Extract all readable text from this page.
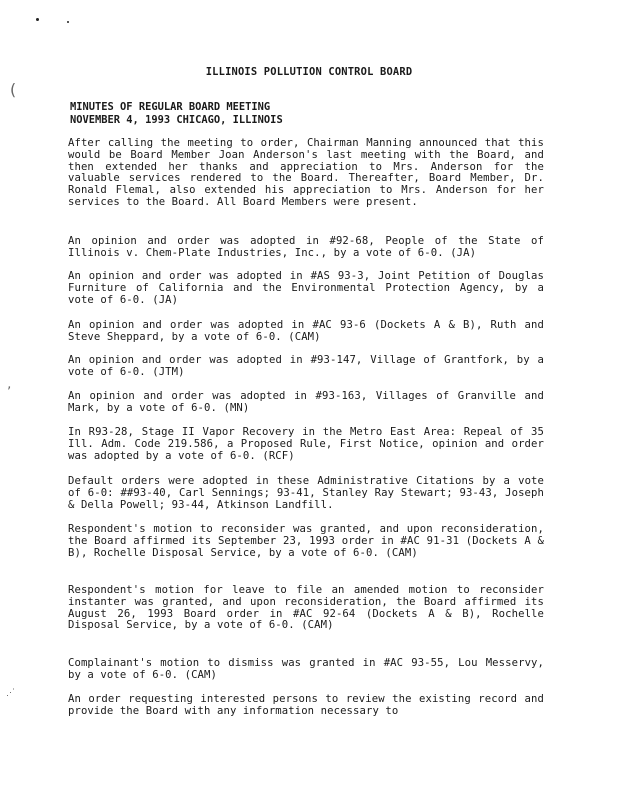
(
,
⋰
ILLINOIS POLLUTION CONTROL BOARD
MINUTES OF REGULAR BOARD MEETING
NOVEMBER 4, 1993 CHICAGO, ILLINOIS
After calling the meeting to order, Chairman Manning announced that this would be Board Member Joan Anderson's last meeting with the Board, and then extended her thanks and appreciation to Mrs. Anderson for the valuable services rendered to the Board. Thereafter, Board Member, Dr. Ronald Flemal, also extended his appreciation to Mrs. Anderson for her services to the Board. All Board Members were present.
An opinion and order was adopted in #92-68, People of the State of Illinois v. Chem-Plate Industries, Inc., by a vote of 6-0. (JA)
An opinion and order was adopted in #AS 93-3, Joint Petition of Douglas Furniture of California and the Environmental Protection Agency, by a vote of 6-0. (JA)
An opinion and order was adopted in #AC 93-6 (Dockets A & B), Ruth and Steve Sheppard, by a vote of 6-0. (CAM)
An opinion and order was adopted in #93-147, Village of Grantfork, by a vote of 6-0. (JTM)
An opinion and order was adopted in #93-163, Villages of Granville and Mark, by a vote of 6-0. (MN)
In R93-28, Stage II Vapor Recovery in the Metro East Area: Repeal of 35 Ill. Adm. Code 219.586, a Proposed Rule, First Notice, opinion and order was adopted by a vote of 6-0. (RCF)
Default orders were adopted in these Administrative Citations by a vote of 6-0: ##93-40, Carl Sennings; 93-41, Stanley Ray Stewart; 93-43, Joseph & Della Powell; 93-44, Atkinson Landfill.
Respondent's motion to reconsider was granted, and upon reconsideration, the Board affirmed its September 23, 1993 order in #AC 91-31 (Dockets A & B), Rochelle Disposal Service, by a vote of 6-0. (CAM)
Respondent's motion for leave to file an amended motion to reconsider instanter was granted, and upon reconsideration, the Board affirmed its August 26, 1993 Board order in #AC 92-64 (Dockets A & B), Rochelle Disposal Service, by a vote of 6-0. (CAM)
Complainant's motion to dismiss was granted in #AC 93-55, Lou Messervy, by a vote of 6-0. (CAM)
An order requesting interested persons to review the existing record and provide the Board with any information necessary to
